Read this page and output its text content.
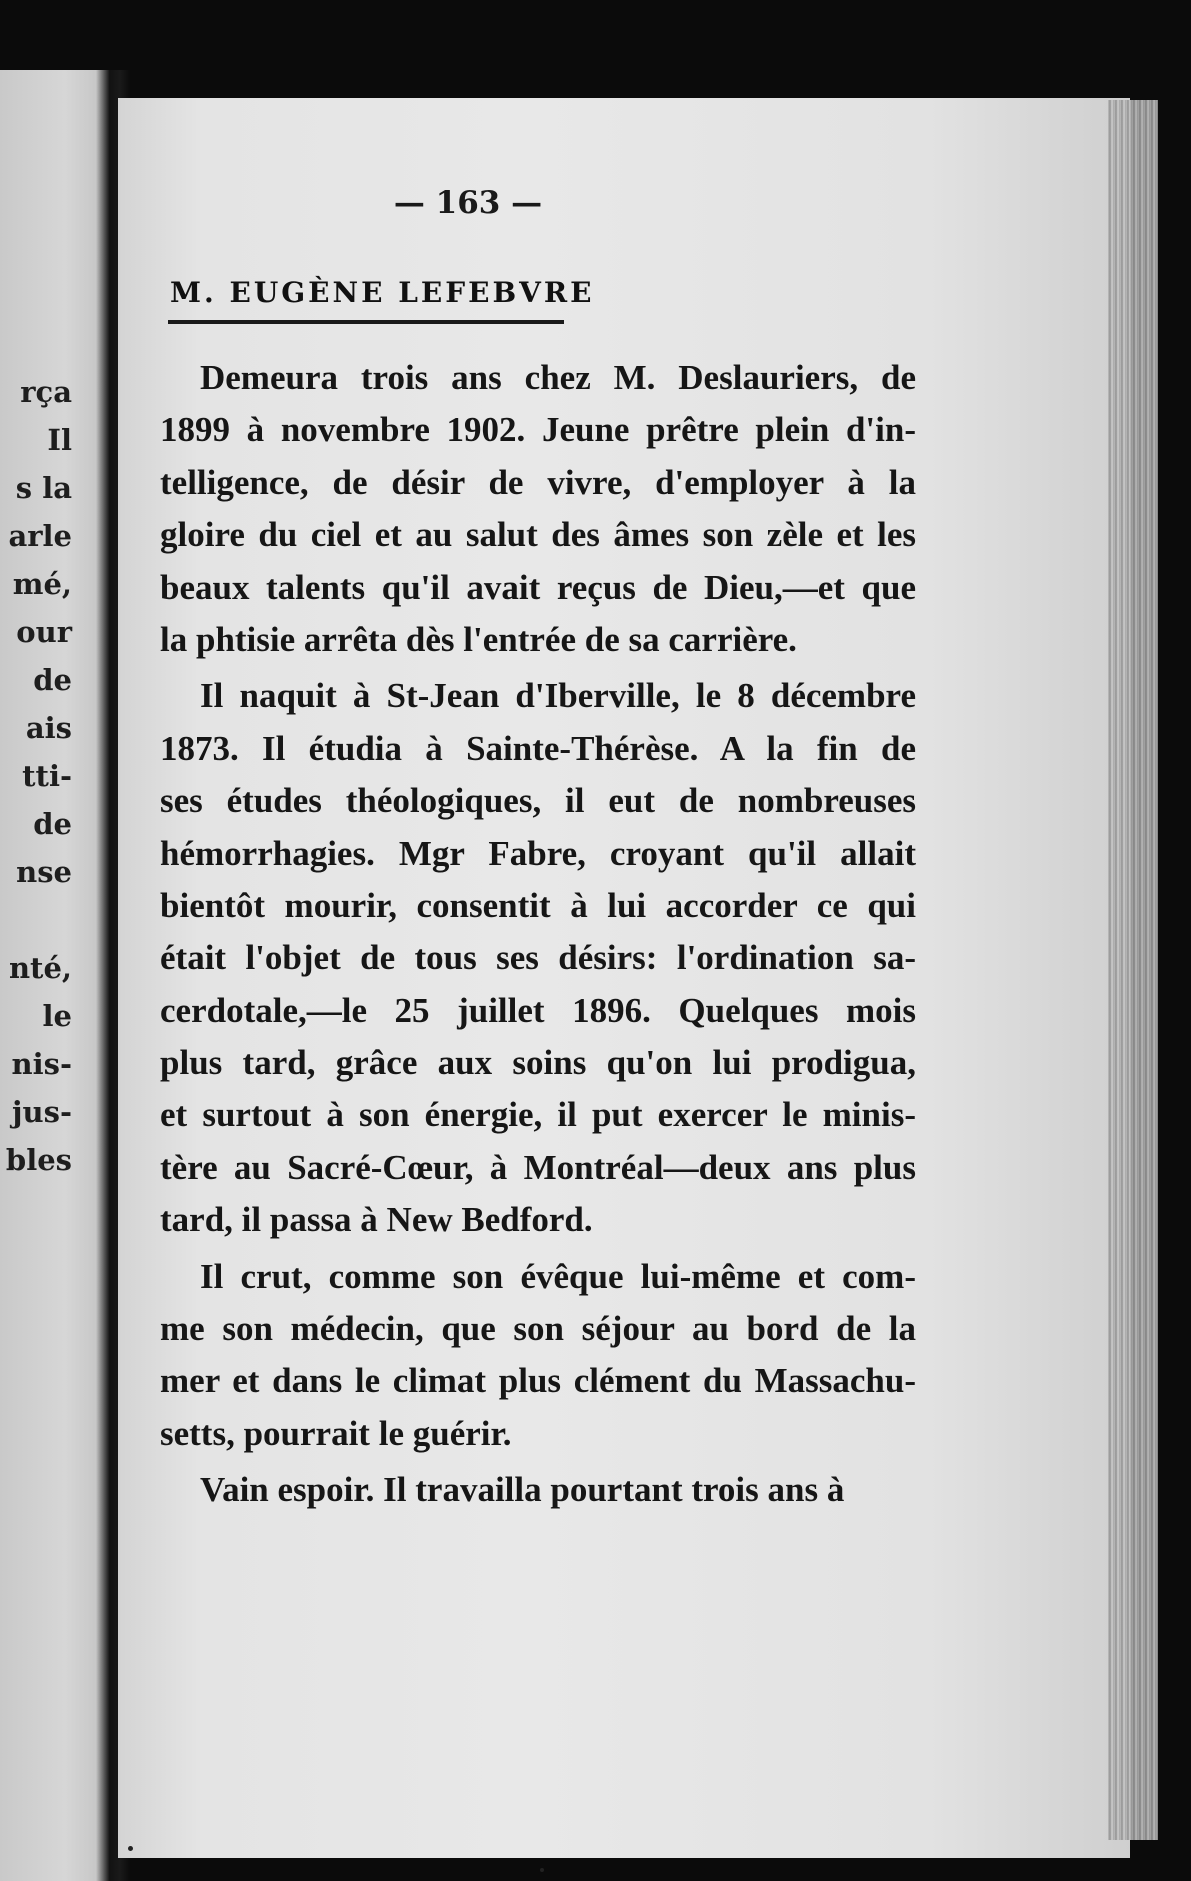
rça
Il
s la
arle
mé,
our
de
ais
tti-
de
nse
nté,
le
nis-
jus-
bles
— 163 —
M. EUGÈNE LEFEBVRE

Demeura trois ans chez M. Deslauriers, de
1899 à novembre 1902. Jeune prêtre plein d'in-
telligence, de désir de vivre, d'employer à la
gloire du ciel et au salut des âmes son zèle et les
beaux talents qu'il avait reçus de Dieu,—et que
la phtisie arrêta dès l'entrée de sa carrière.

Il naquit à St-Jean d'Iberville, le 8 décembre
1873. Il étudia à Sainte-Thérèse. A la fin de
ses études théologiques, il eut de nombreuses
hémorrhagies. Mgr Fabre, croyant qu'il allait
bientôt mourir, consentit à lui accorder ce qui
était l'objet de tous ses désirs: l'ordination sa-
cerdotale,—le 25 juillet 1896. Quelques mois
plus tard, grâce aux soins qu'on lui prodigua,
et surtout à son énergie, il put exercer le minis-
tère au Sacré-Cœur, à Montréal—deux ans plus
tard, il passa à New Bedford.

Il crut, comme son évêque lui-même et com-
me son médecin, que son séjour au bord de la
mer et dans le climat plus clément du Massachu-
setts, pourrait le guérir.

Vain espoir. Il travailla pourtant trois ans à
